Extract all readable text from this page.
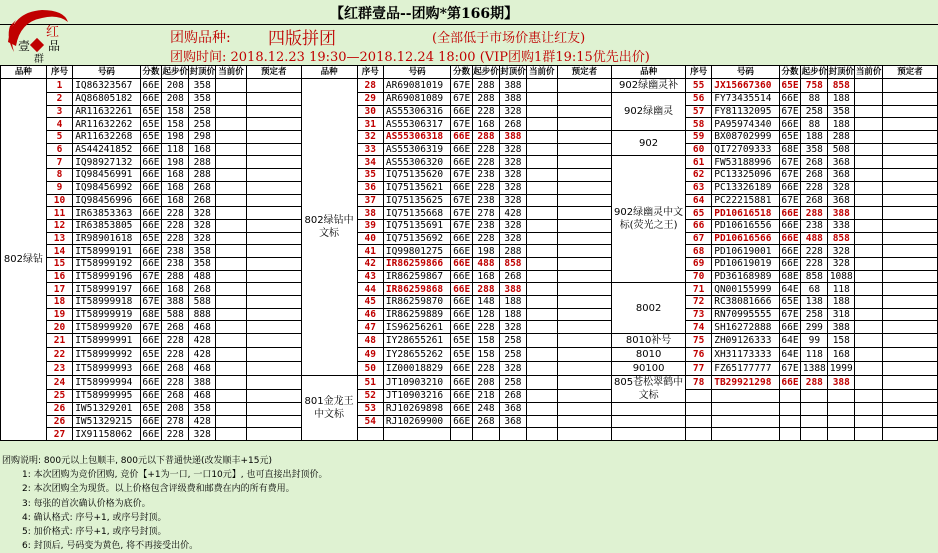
【红群壹品--团购*第166期】
红
壹 品
群
团购品种: 四版拼团	(全部低于市场价惠让红友)
团购时间: 2018.12.23 19:30—2018.12.24 18:00 (VIP团购1群19:15优先出价)
品种	序号	号码	分数	起步价	封顶价	当前价	预定者	品种	序号	号码	分数	起步价	封顶价	当前价	预定者	品种	序号	号码	分数	起步价	封顶价	当前价	预定者
802绿钻	1	IQ86323567	66E	208	358			802绿钻中文标	28	AR69081019	67E	288	388			902绿幽灵补	55	JX15667360	65E	758	858		
	2	AQ86805182	66E	208	358				29	AR69081089	67E	288	388			902绿幽灵	56	FY73435514	66E	88	188		
	3	AR11632261	65E	158	258				30	AS55306316	66E	228	328				57	FY81132095	67E	258	358		
	4	AR11632262	65E	158	258				31	AS55306317	67E	168	268				58	PA95974340	66E	88	188		
	5	AR11632268	65E	198	298				32	AS55306318	66E	288	388			902	59	BX08702999	65E	188	288		
	6	AS44241852	66E	118	168				33	AS55306319	66E	228	328				60	QI72709333	68E	358	508		
	7	IQ98927132	66E	198	288				34	AS55306320	66E	228	328			902绿幽灵中文标(荧光之王)	61	FW53188996	67E	268	368		
	8	IQ98456991	66E	168	288				35	IQ75135620	67E	238	328				62	PC13325096	67E	268	368		
	9	IQ98456992	66E	168	268				36	IQ75135621	66E	228	328				63	PC13326189	66E	228	328		
	10	IQ98456996	66E	168	268				37	IQ75135625	67E	238	328				64	PC22215881	67E	268	368		
	11	IR63853363	66E	228	328				38	IQ75135668	67E	278	428				65	PD10616518	66E	288	388		
	12	IR63853805	66E	228	328				39	IQ75135691	67E	238	328				66	PD10616556	66E	238	338		
	13	IR98901618	65E	228	328				40	IQ75135692	66E	228	328				67	PD10616566	66E	488	858		
	14	IT58999191	66E	238	358				41	IQ99801275	66E	198	288				68	PD10619001	66E	228	328		
	15	IT58999192	66E	238	358				42	IR86259866	66E	488	858				69	PD10619019	66E	228	328		
	16	IT58999196	67E	288	488				43	IR86259867	66E	168	268				70	PD36168989	68E	858	1088		
	17	IT58999197	66E	168	268				44	IR86259868	66E	288	388			8002	71	QN00155999	64E	68	118		
	18	IT58999918	67E	388	588				45	IR86259870	66E	148	188				72	RC38081666	65E	138	188		
	19	IT58999919	68E	588	888				46	IR86259889	66E	128	188				73	RN70995555	67E	258	318		
	20	IT58999920	67E	268	468				47	IS96256261	66E	228	328				74	SH16272888	66E	299	388		
	21	IT58999991	66E	228	428				48	IY28655261	65E	158	258			8010补号	75	ZH09126333	64E	99	158		
	22	IT58999992	65E	228	428				49	IY28655262	65E	158	258			8010	76	XH31173333	64E	118	168		
	23	IT58999993	66E	268	468				50	IZ00018829	66E	228	328			90100	77	FZ65177777	67E	1388	1999		
	24	IT58999994	66E	228	388			801金龙王中文标	51	JT10903210	66E	208	258			805苍松翠鹤中文标	78	TB29921298	66E	288	388		
	25	IT58999995	66E	268	468				52	JT10903216	66E	218	268										
	26	IW51329201	65E	208	358				53	RJ10269898	66E	248	368										
	26	IW51329215	66E	278	428				54	RJ10269900	66E	268	368										
	27	IX91158062	66E	228	328																		
团购说明: 800元以上包顺丰, 800元以下普通快递(改发顺丰+15元)
1: 本次团购为竞价团购, 竞价【+1为一口, 一口10元】, 也可直接出封顶价。
2: 本次团购全为现货。以上价格包含评级费和邮费在内的所有费用。
3: 每张的首次确认价格为底价。
4: 确认格式: 序号+1, 或序号封顶。
5: 加价格式: 序号+1, 或序号封顶。
6: 封顶后, 号码变为黄色, 将不再接受出价。
